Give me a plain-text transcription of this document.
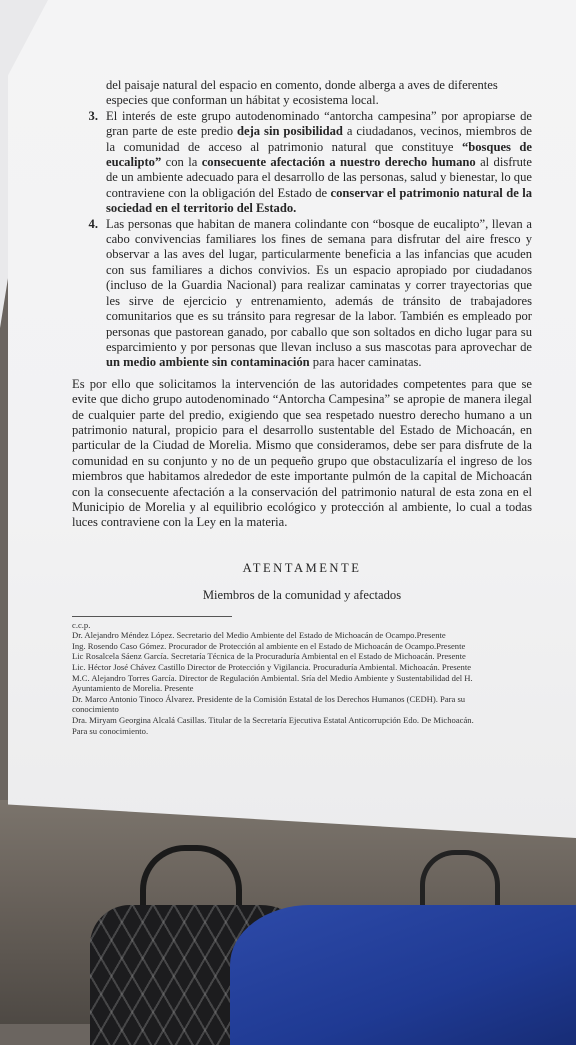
del paisaje natural del espacio en comento, donde alberga a aves de diferentes
especies que conforman un hábitat y ecosistema local.
3. El interés de este grupo autodenominado “antorcha campesina” por apropiarse de gran parte de este predio deja sin posibilidad a ciudadanos, vecinos, miembros de la comunidad de acceso al patrimonio natural que constituye “bosques de eucalipto” con la consecuente afectación a nuestro derecho humano al disfrute de un ambiente adecuado para el desarrollo de las personas, salud y bienestar, lo que contraviene con la obligación del Estado de conservar el patrimonio natural de la sociedad en el territorio del Estado.
4. Las personas que habitan de manera colindante con “bosque de eucalipto”, llevan a cabo convivencias familiares los fines de semana para disfrutar del aire fresco y observar a las aves del lugar, particularmente beneficia a las infancias que acuden con sus familiares a dichos convivios. Es un espacio apropiado por ciudadanos (incluso de la Guardia Nacional) para realizar caminatas y correr trayectorias que les sirve de ejercicio y entrenamiento, además de tránsito de trabajadores comunitarios que es su tránsito para regresar de la labor. También es empleado por personas que pastorean ganado, por caballo que son soltados en dicho lugar para su esparcimiento y por personas que llevan incluso a sus mascotas para aprovechar de un medio ambiente sin contaminación para hacer caminatas.
Es por ello que solicitamos la intervención de las autoridades competentes para que se evite que dicho grupo autodenominado “Antorcha Campesina” se apropie de manera ilegal de cualquier parte del predio, exigiendo que sea respetado nuestro derecho humano a un patrimonio natural, propicio para el desarrollo sustentable del Estado de Michoacán, en particular de la Ciudad de Morelia. Mismo que consideramos, debe ser para disfrute de la comunidad en su conjunto y no de un pequeño grupo que obstaculizaría el ingreso de los miembros que habitamos alrededor de este importante pulmón de la capital de Michoacán con la consecuente afectación a la conservación del patrimonio natural de esta zona en el Municipio de Morelia y al equilibrio ecológico y protección al ambiente, lo cual a todas luces contraviene con la Ley en la materia.
ATENTAMENTE
Miembros de la comunidad y afectados
c.c.p.
Dr. Alejandro Méndez López. Secretario del Medio Ambiente del Estado de Michoacán de Ocampo.Presente
Ing. Rosendo Caso Gómez. Procurador de Protección al ambiente en el Estado de Michoacán de Ocampo.Presente
Lic Rosalcela Sáenz García. Secretaría Técnica de la Procuraduría Ambiental en el Estado de Michoacán. Presente
Lic. Héctor José Chávez Castillo Director de Protección y Vigilancia. Procuraduría Ambiental. Michoacán. Presente
M.C. Alejandro Torres García. Director de Regulación Ambiental. Sría del Medio Ambiente y Sustentabilidad del H.
Ayuntamiento de Morelia. Presente
Dr. Marco Antonio Tinoco Álvarez. Presidente de la Comisión Estatal de los Derechos Humanos (CEDH). Para su
conocimiento
Dra. Miryam Georgina Alcalá Casillas. Titular de la Secretaría Ejecutiva Estatal Anticorrupción Edo. De Michoacán.
Para su conocimiento.
